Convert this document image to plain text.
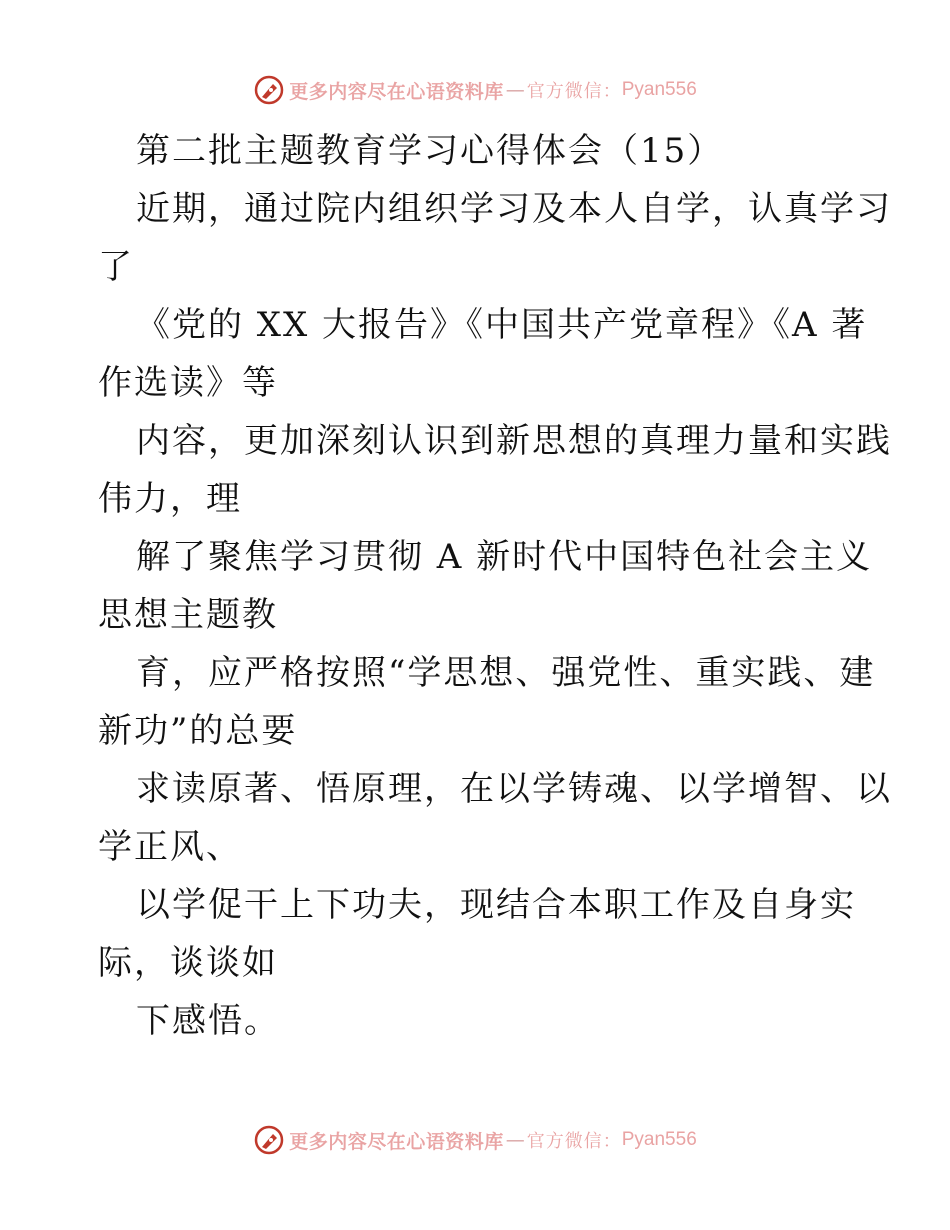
更多内容尽在心语资料库 — 官方微信： Pyan556
第二批主题教育学习心得体会（15）
近期，通过院内组织学习及本人自学，认真学习
了
《党的 XX 大报告》《中国共产党章程》《A 著
作选读》等
内容，更加深刻认识到新思想的真理力量和实践
伟力，理
解了聚焦学习贯彻 A 新时代中国特色社会主义
思想主题教
育，应严格按照“学思想、强党性、重实践、建
新功”的总要
求读原著、悟原理，在以学铸魂、以学增智、以
学正风、
以学促干上下功夫，现结合本职工作及自身实
际，谈谈如
下感悟。
更多内容尽在心语资料库 — 官方微信： Pyan556
